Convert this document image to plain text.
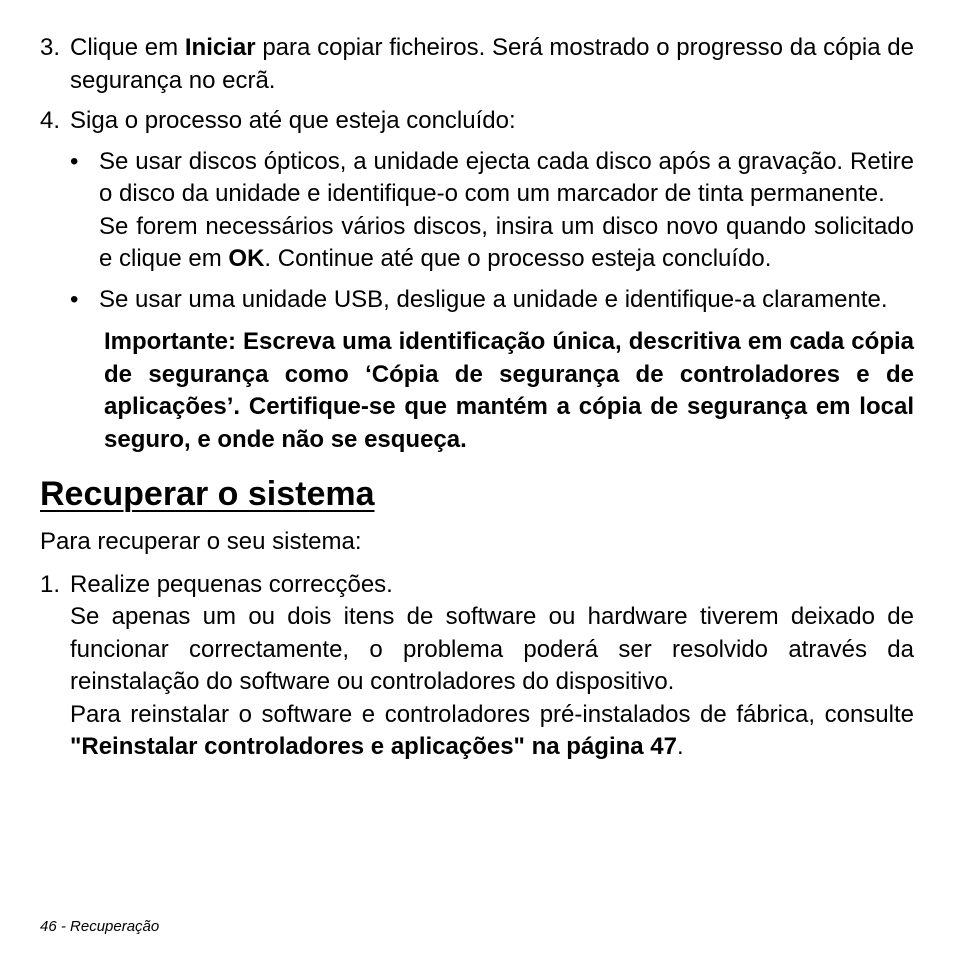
3. Clique em Iniciar para copiar ficheiros. Será mostrado o progresso da cópia de segurança no ecrã.

4. Siga o processo até que esteja concluído:

• Se usar discos ópticos, a unidade ejecta cada disco após a gravação. Retire o disco da unidade e identifique-o com um marcador de tinta permanente.

Se forem necessários vários discos, insira um disco novo quando solicitado e clique em OK. Continue até que o processo esteja concluído.

• Se usar uma unidade USB, desligue a unidade e identifique-a claramente.

Importante: Escreva uma identificação única, descritiva em cada cópia de segurança como ‘Cópia de segurança de controladores e de aplicações’. Certifique-se que mantém a cópia de segurança em local seguro, e onde não se esqueça.
Recuperar o sistema

Para recuperar o seu sistema:

1. Realize pequenas correcções.

Se apenas um ou dois itens de software ou hardware tiverem deixado de funcionar correctamente, o problema poderá ser resolvido através da reinstalação do software ou controladores do dispositivo.

Para reinstalar o software e controladores pré-instalados de fábrica, consulte "Reinstalar controladores e aplicações" na página 47.

46 - Recuperação
